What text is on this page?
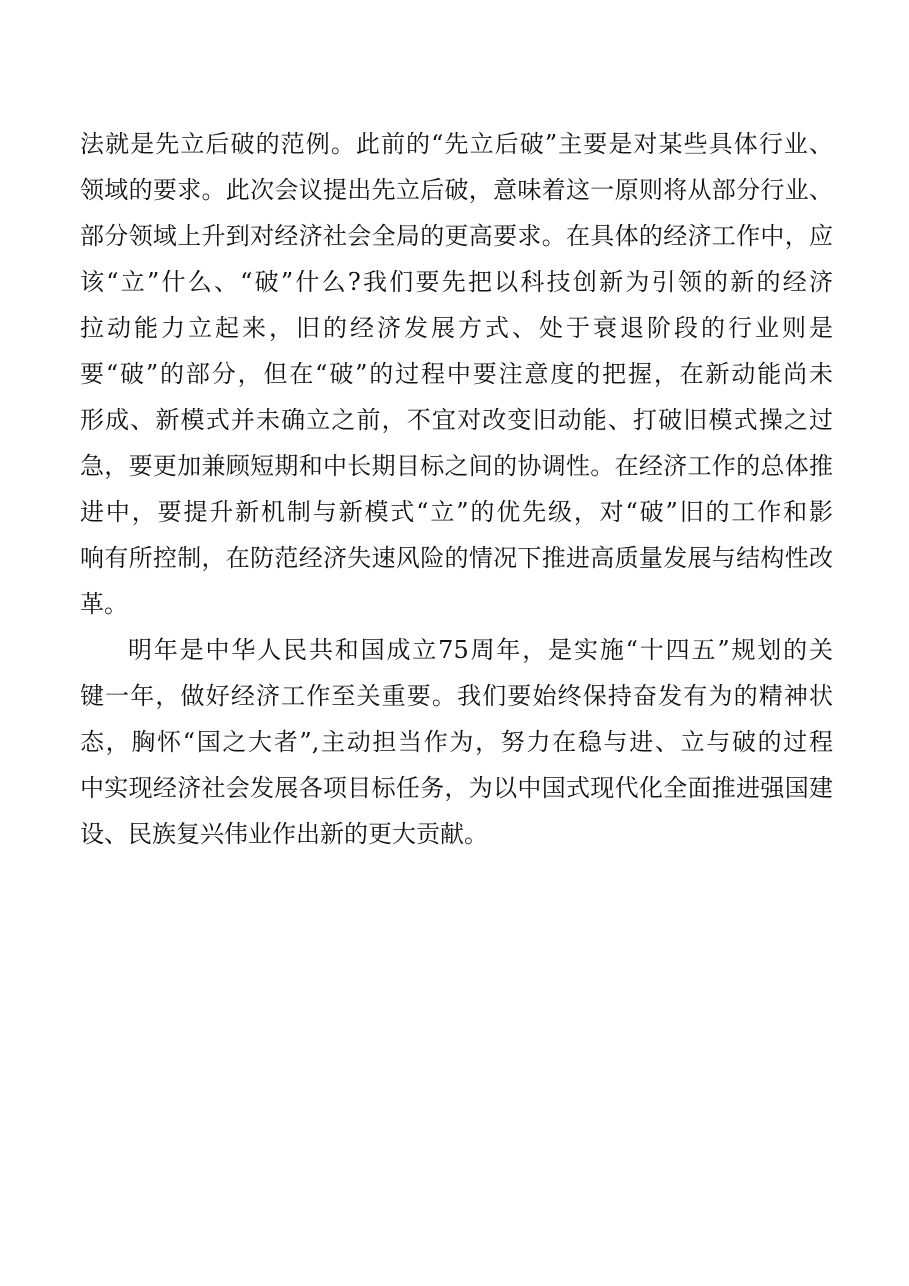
法就是先立后破的范例。此前的“先立后破”主要是对某些具体行业、
领域的要求。此次会议提出先立后破，意味着这一原则将从部分行业、
部分领域上升到对经济社会全局的更高要求。在具体的经济工作中，应
该“立”什么、“破”什么?我们要先把以科技创新为引领的新的经济
拉动能力立起来，旧的经济发展方式、处于衰退阶段的行业则是
要“破”的部分，但在“破”的过程中要注意度的把握，在新动能尚未
形成、新模式并未确立之前，不宜对改变旧动能、打破旧模式操之过
急，要更加兼顾短期和中长期目标之间的协调性。在经济工作的总体推
进中，要提升新机制与新模式“立”的优先级，对“破”旧的工作和影
响有所控制，在防范经济失速风险的情况下推进高质量发展与结构性改
革。
明年是中华人民共和国成立75周年，是实施“十四五”规划的关
键一年，做好经济工作至关重要。我们要始终保持奋发有为的精神状
态，胸怀“国之大者”,主动担当作为，努力在稳与进、立与破的过程
中实现经济社会发展各项目标任务，为以中国式现代化全面推进强国建
设、民族复兴伟业作出新的更大贡献。
